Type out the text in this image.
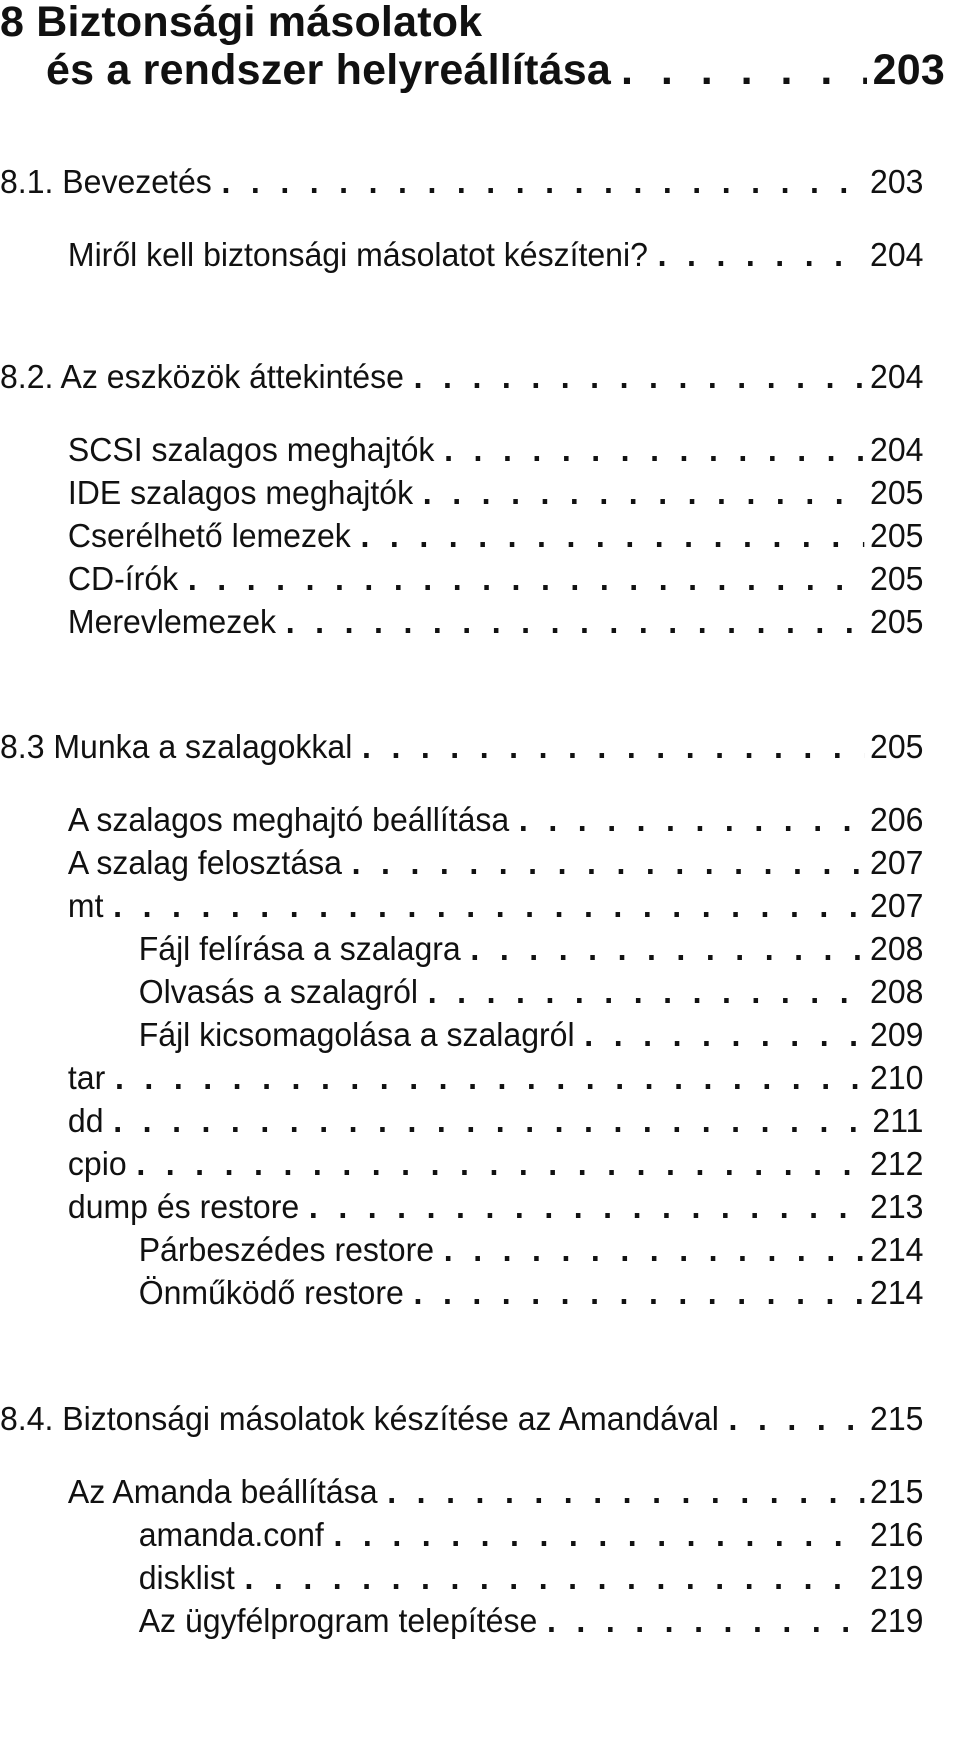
8 Biztonsági másolatok
és a rendszer helyreállítása . . .	203
8.1. Bevezetés . . .	203
Miről kell biztonsági másolatot készíteni? . . .	204
8.2. Az eszközök áttekintése . . .	204
SCSI szalagos meghajtók . . .	204
IDE szalagos meghajtók . . .	205
Cserélhető lemezek . . .	205
CD-írók . . .	205
Merevlemezek . . .	205
8.3 Munka a szalagokkal . . .	205
A szalagos meghajtó beállítása . . .	206
A szalag felosztása . . .	207
mt . . .	207
Fájl felírása a szalagra . . .	208
Olvasás a szalagról . . .	208
Fájl kicsomagolása a szalagról . . .	209
tar . . .	210
dd . . .	211
cpio . . .	212
dump és restore . . .	213
Párbeszédes restore . . .	214
Önműködő restore . . .	214
8.4. Biztonsági másolatok készítése az Amandával . . .	215
Az Amanda beállítása . . .	215
amanda.conf . . .	216
disklist . . .	219
Az ügyfélprogram telepítése . . .	219
